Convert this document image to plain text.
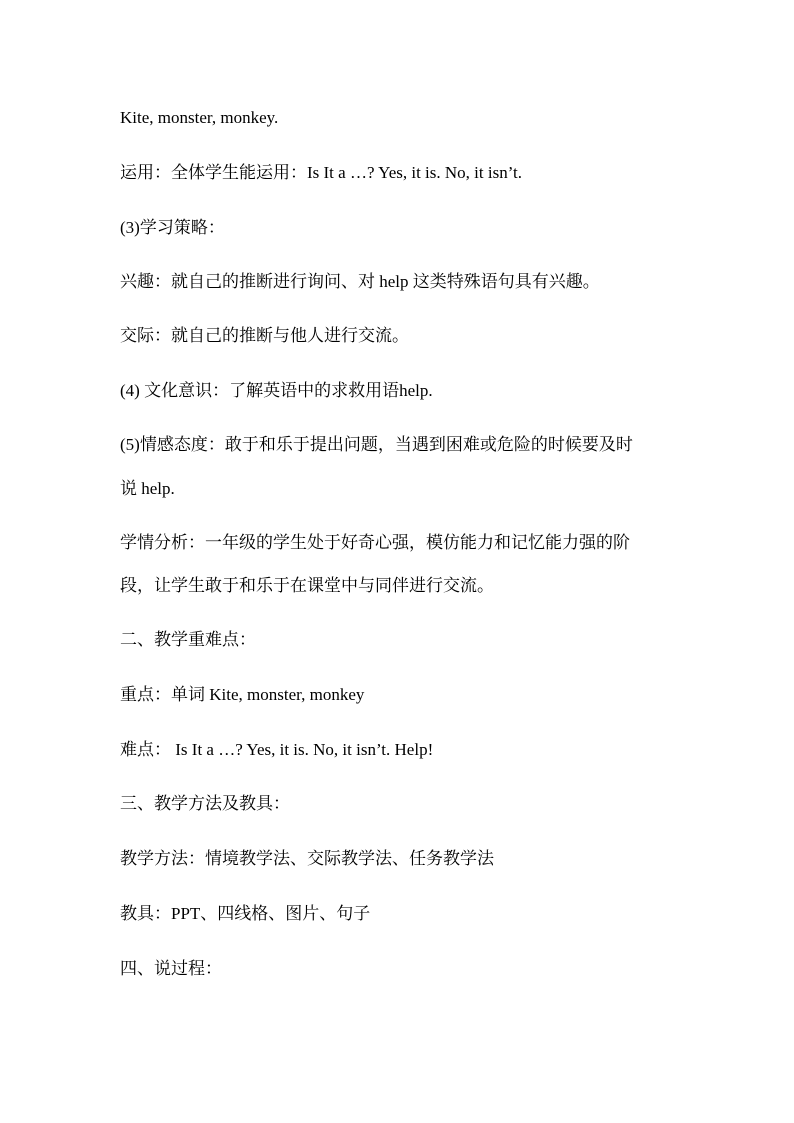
Kite, monster, monkey.
运用：全体学生能运用：Is It a …? Yes, it is. No, it isn’t.
(3)学习策略：
兴趣：就自己的推断进行询问、对 help 这类特殊语句具有兴趣。
交际：就自己的推断与他人进行交流。
(4) 文化意识：了解英语中的求救用语help.
(5)情感态度：敢于和乐于提出问题，当遇到困难或危险的时候要及时
说 help.
学情分析：一年级的学生处于好奇心强，模仿能力和记忆能力强的阶
段，让学生敢于和乐于在课堂中与同伴进行交流。
二、教学重难点：
重点：单词 Kite, monster, monkey
难点： Is It a …? Yes, it is. No, it isn’t. Help!
三、教学方法及教具：
教学方法：情境教学法、交际教学法、任务教学法
教具：PPT、四线格、图片、句子
四、说过程：
